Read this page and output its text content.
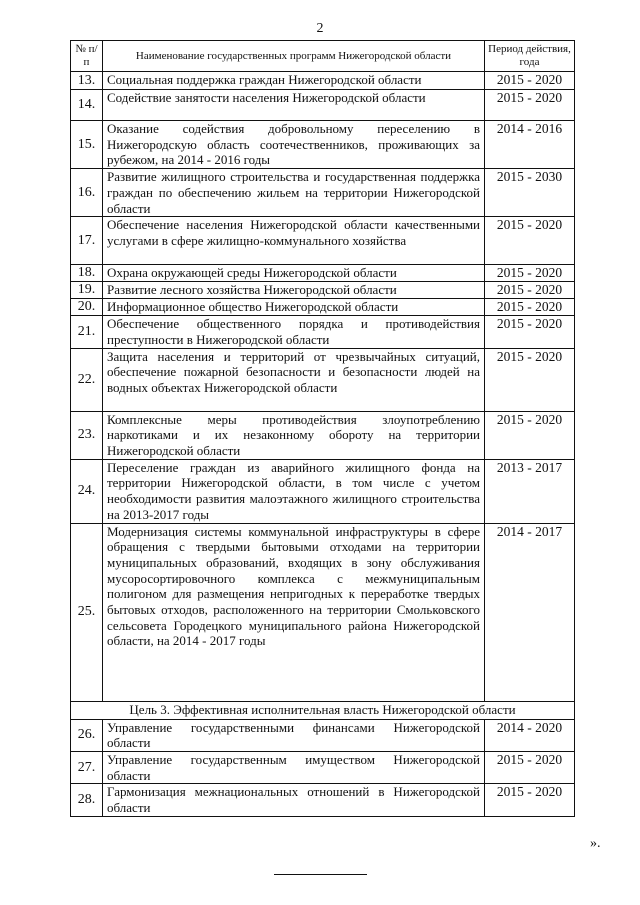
2
№ п/п	Наименование государственных программ Нижегородской области	Период действия, года
13.	Социальная поддержка граждан Нижегородской области	2015 - 2020
14.	Содействие занятости населения Нижегородской области	2015 - 2020
15.	Оказание содействия добровольному переселению в Нижегородскую область соотечественников, проживающих за рубежом, на 2014 - 2016 годы	2014 - 2016
16.	Развитие жилищного строительства и государственная поддержка граждан по обеспечению жильем на территории Нижегородской области	2015 - 2030
17.	Обеспечение населения Нижегородской области качественными услугами в сфере жилищно-коммунального хозяйства	2015 - 2020
18.	Охрана окружающей среды Нижегородской области	2015 - 2020
19.	Развитие лесного хозяйства Нижегородской области	2015 - 2020
20.	Информационное общество Нижегородской области	2015 - 2020
21.	Обеспечение общественного порядка и противодействия преступности в Нижегородской области	2015 - 2020
22.	Защита населения и территорий от чрезвычайных ситуаций, обеспечение пожарной безопасности и безопасности людей на водных объектах Нижегородской области	2015 - 2020
23.	Комплексные меры противодействия злоупотреблению наркотиками и их незаконному обороту на территории Нижегородской области	2015 - 2020
24.	Переселение граждан из аварийного жилищного фонда на территории Нижегородской области, в том числе с учетом необходимости развития малоэтажного жилищного строительства на 2013-2017 годы	2013 - 2017
25.	Модернизация системы коммунальной инфраструктуры в сфере обращения с твердыми бытовыми отходами на территории муниципальных образований, входящих в зону обслуживания мусоросортировочного комплекса с межмуниципальным полигоном для размещения непригодных к переработке твердых бытовых отходов, расположенного на территории Смольковского сельсовета Городецкого муниципального района Нижегородской области, на 2014 - 2017 годы	2014 - 2017
Цель 3. Эффективная исполнительная власть Нижегородской области		
26.	Управление государственными финансами Нижегородской области	2014 - 2020
27.	Управление государственным имуществом Нижегородской области	2015 - 2020
28.	Гармонизация межнациональных отношений в Нижегородской области	2015 - 2020
».
